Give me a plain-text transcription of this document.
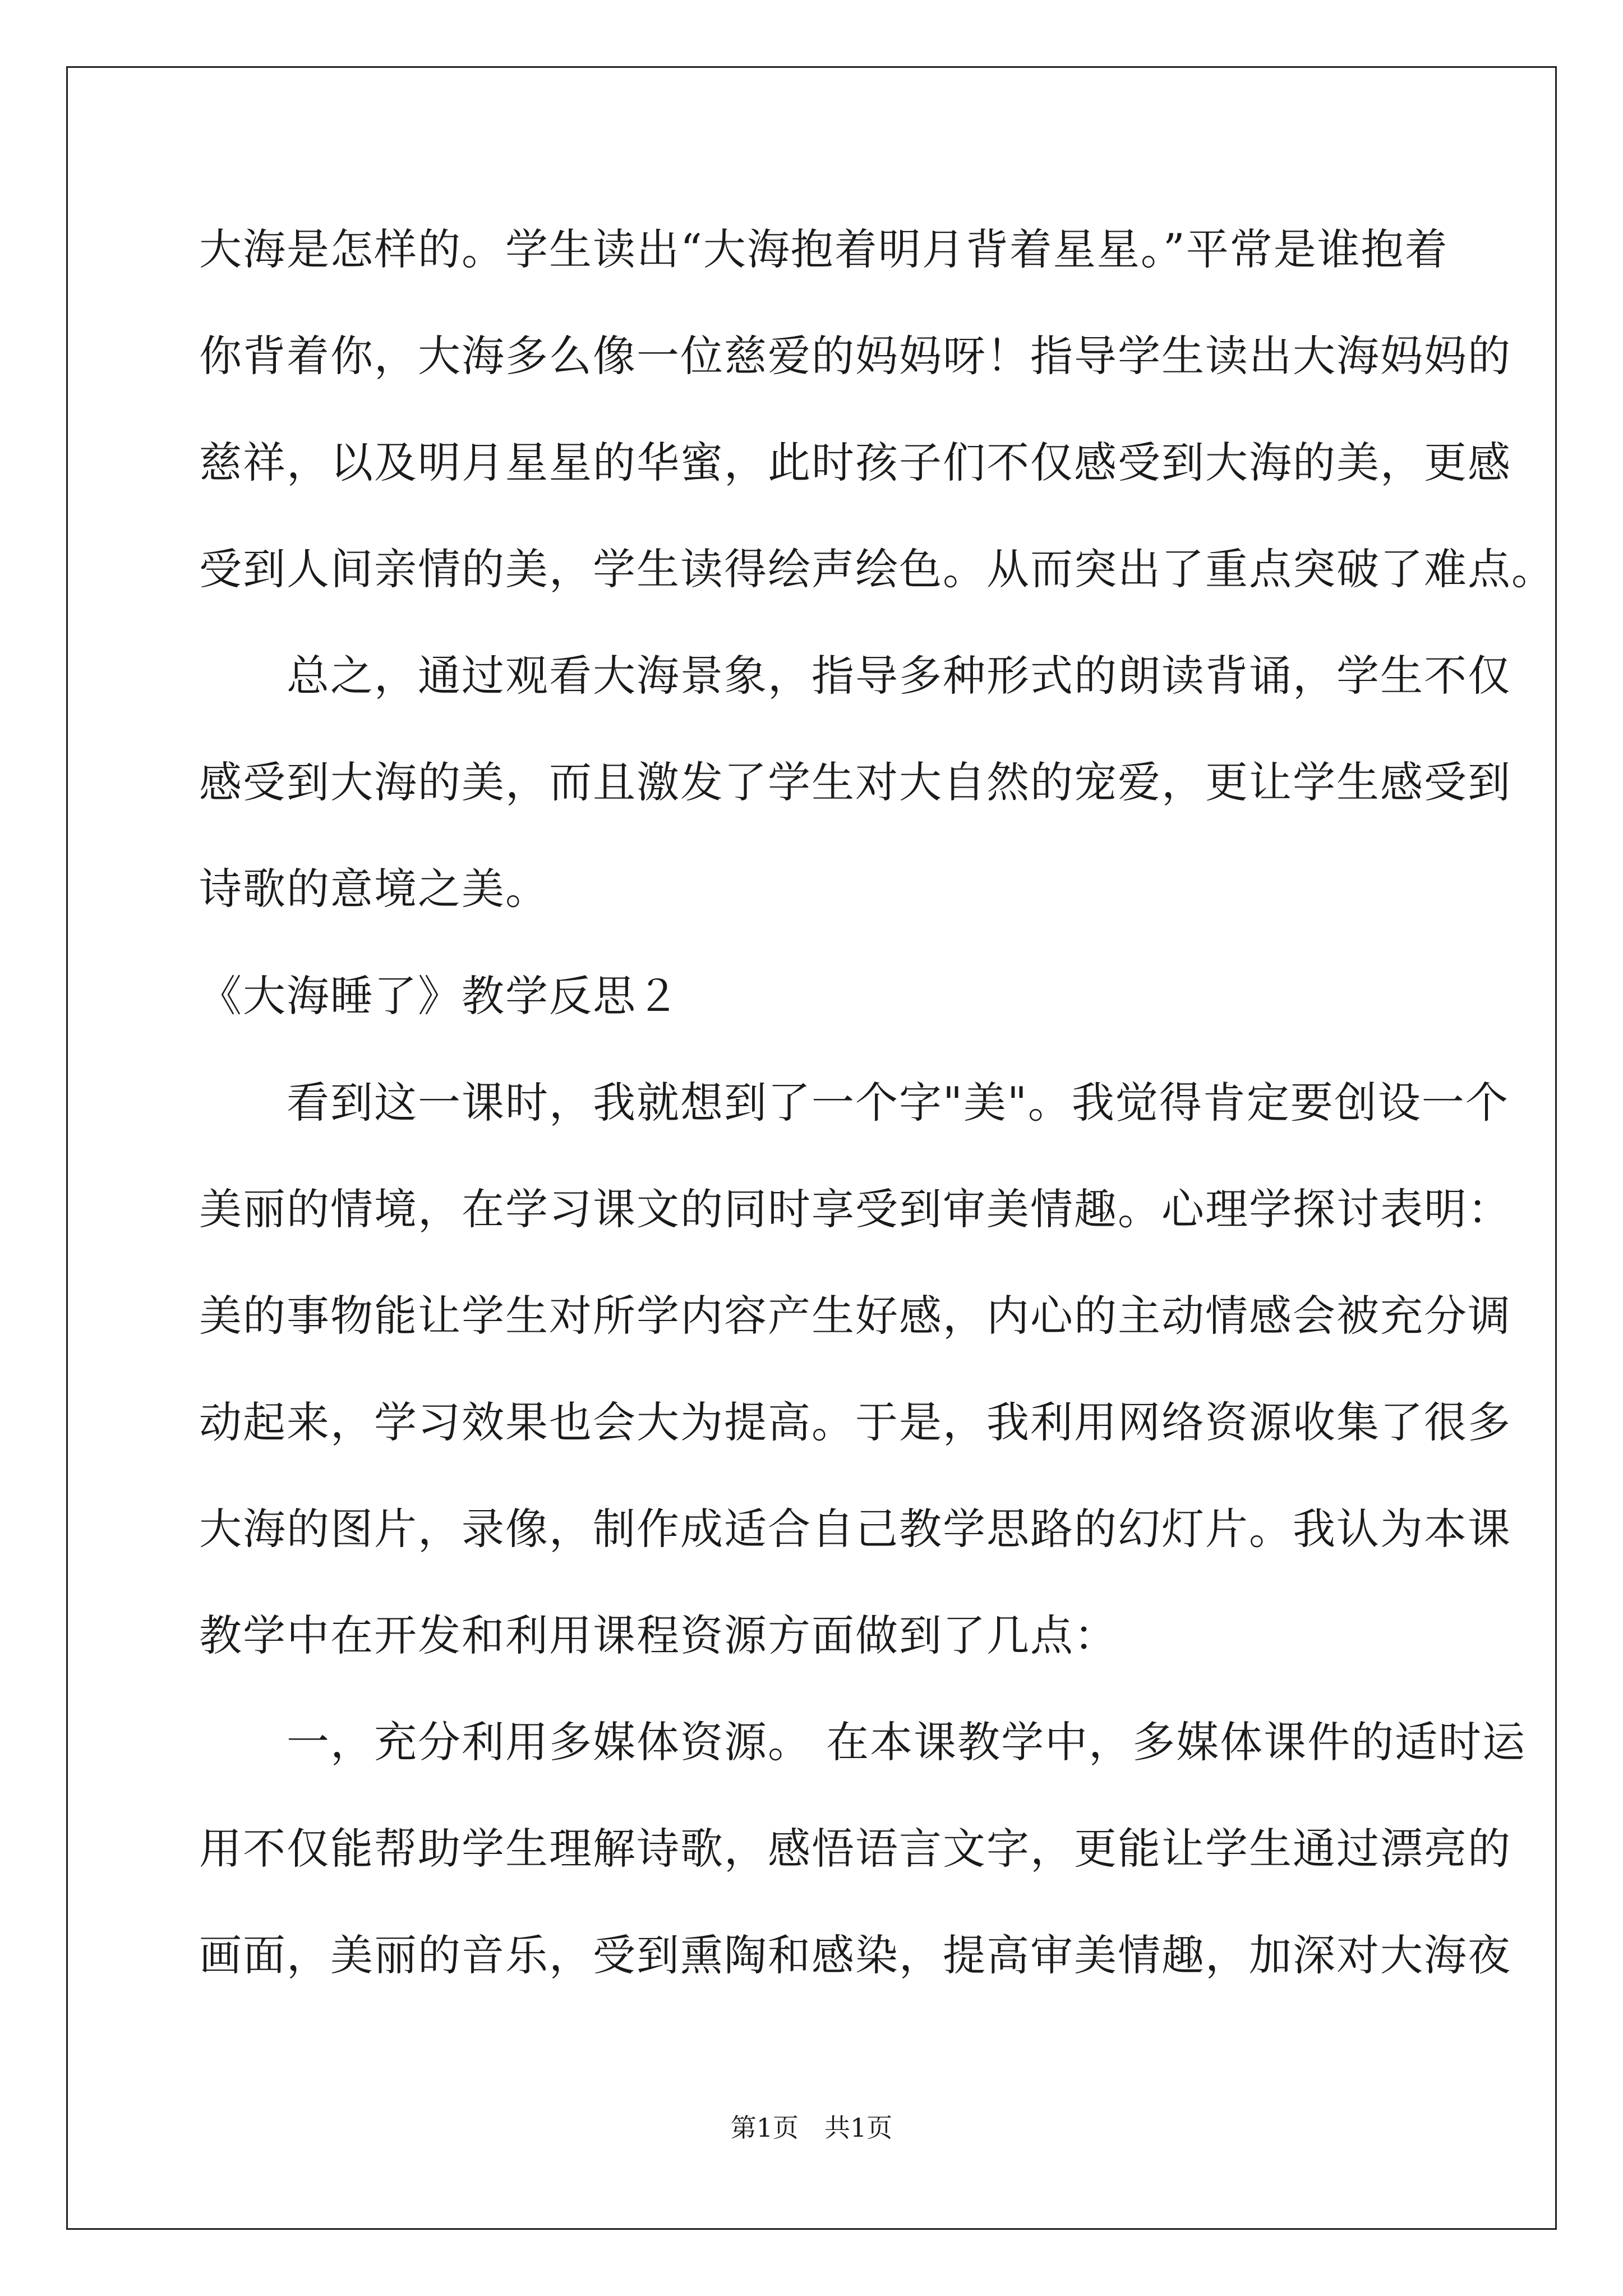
大海是怎样的。学生读出“大海抱着明月背着星星。”平常是谁抱着
你背着你，大海多么像一位慈爱的妈妈呀！指导学生读出大海妈妈的
慈祥，以及明月星星的华蜜，此时孩子们不仅感受到大海的美，更感
受到人间亲情的美，学生读得绘声绘色。从而突出了重点突破了难点。
　　总之，通过观看大海景象，指导多种形式的朗读背诵，学生不仅
感受到大海的美，而且激发了学生对大自然的宠爱，更让学生感受到
诗歌的意境之美。
《大海睡了》教学反思２
　　看到这一课时，我就想到了一个字"美"。我觉得肯定要创设一个
美丽的情境，在学习课文的同时享受到审美情趣。心理学探讨表明：
美的事物能让学生对所学内容产生好感，内心的主动情感会被充分调
动起来，学习效果也会大为提高。于是，我利用网络资源收集了很多
大海的图片，录像，制作成适合自己教学思路的幻灯片。我认为本课
教学中在开发和利用课程资源方面做到了几点：
　　一，充分利用多媒体资源。 在本课教学中，多媒体课件的适时运
用不仅能帮助学生理解诗歌，感悟语言文字，更能让学生通过漂亮的
画面，美丽的音乐，受到熏陶和感染，提高审美情趣，加深对大海夜
第1页 共1页
